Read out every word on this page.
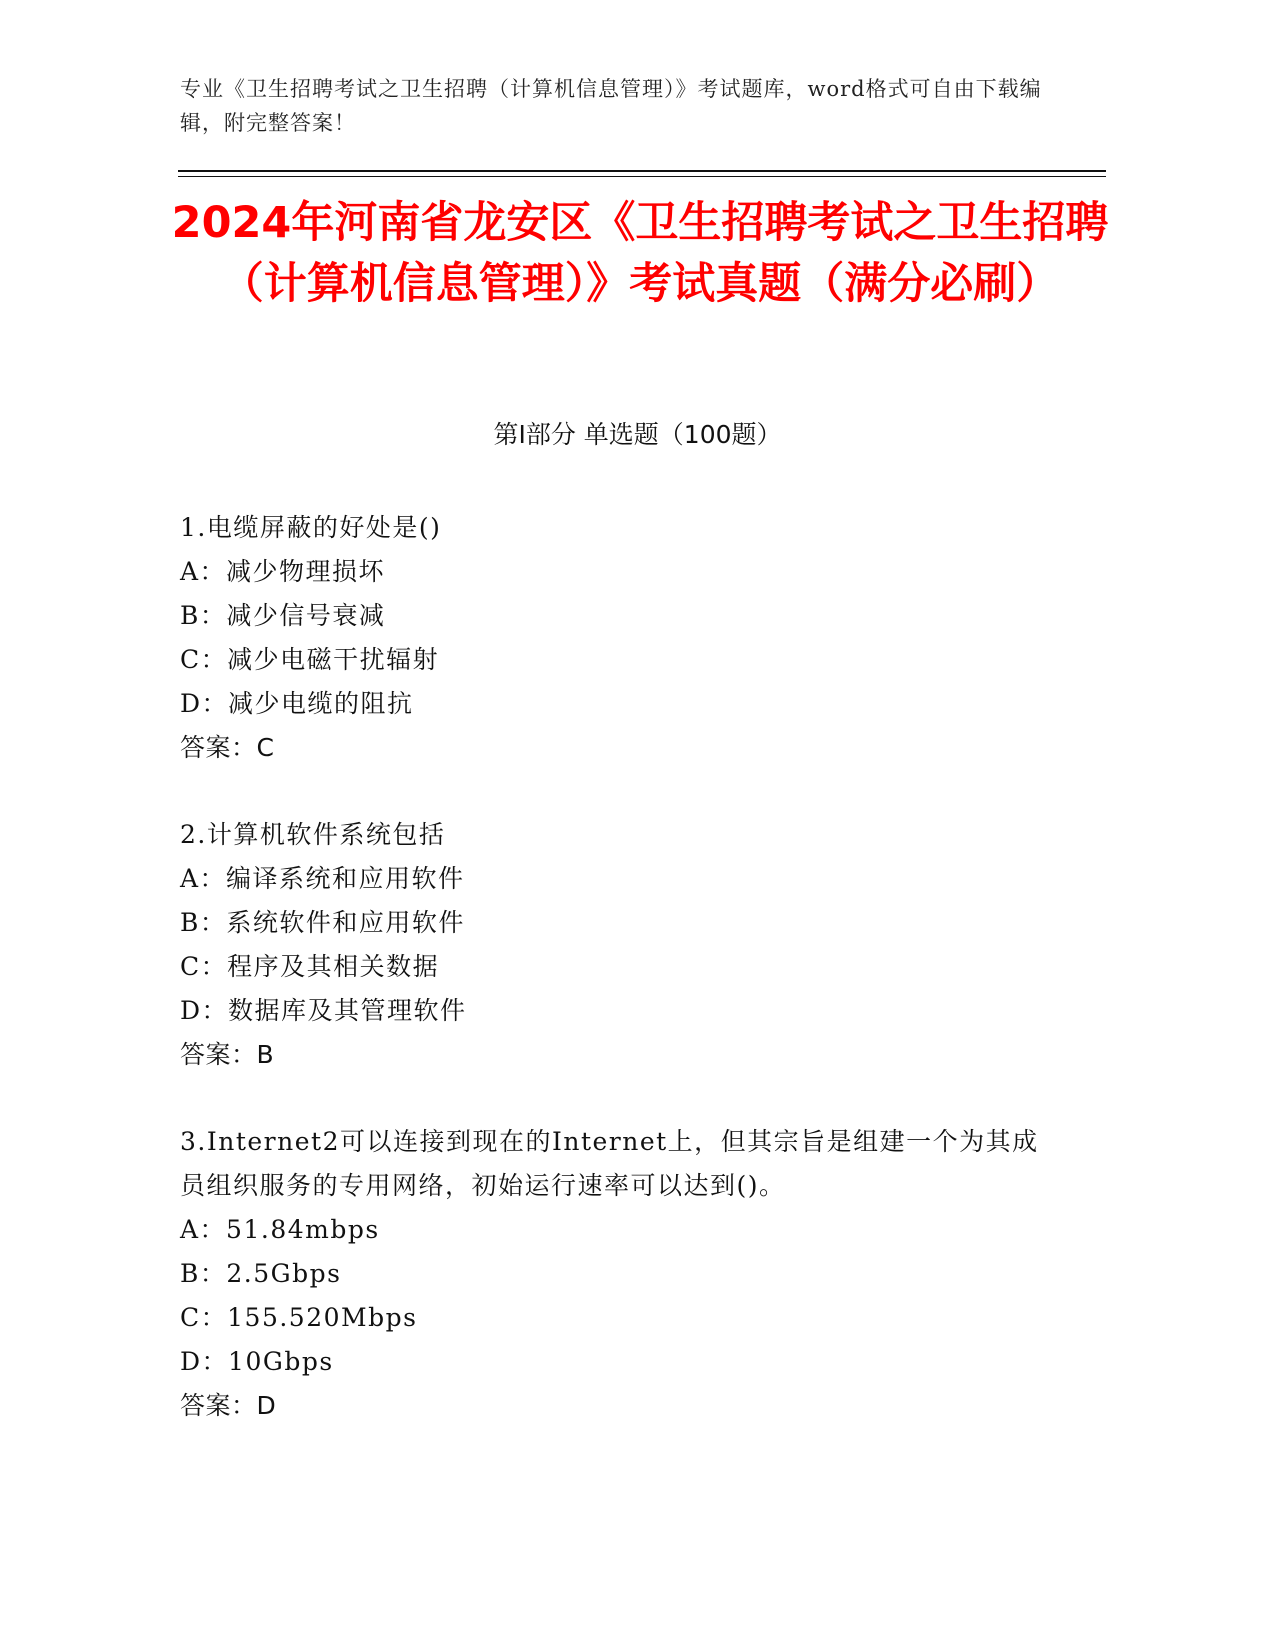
专业《卫生招聘考试之卫生招聘（计算机信息管理）》考试题库，word格式可自由下载编辑，附完整答案！
2024年河南省龙安区《卫生招聘考试之卫生招聘（计算机信息管理）》考试真题（满分必刷）
第Ⅰ部分 单选题（100题）
1.电缆屏蔽的好处是()
A：减少物理损坏
B：减少信号衰减
C：减少电磁干扰辐射
D：减少电缆的阻抗
答案：C
2.计算机软件系统包括
A：编译系统和应用软件
B：系统软件和应用软件
C：程序及其相关数据
D：数据库及其管理软件
答案：B
3.Internet2可以连接到现在的Internet上，但其宗旨是组建一个为其成员组织服务的专用网络，初始运行速率可以达到()。
A：51.84mbps
B：2.5Gbps
C：155.520Mbps
D：10Gbps
答案：D
